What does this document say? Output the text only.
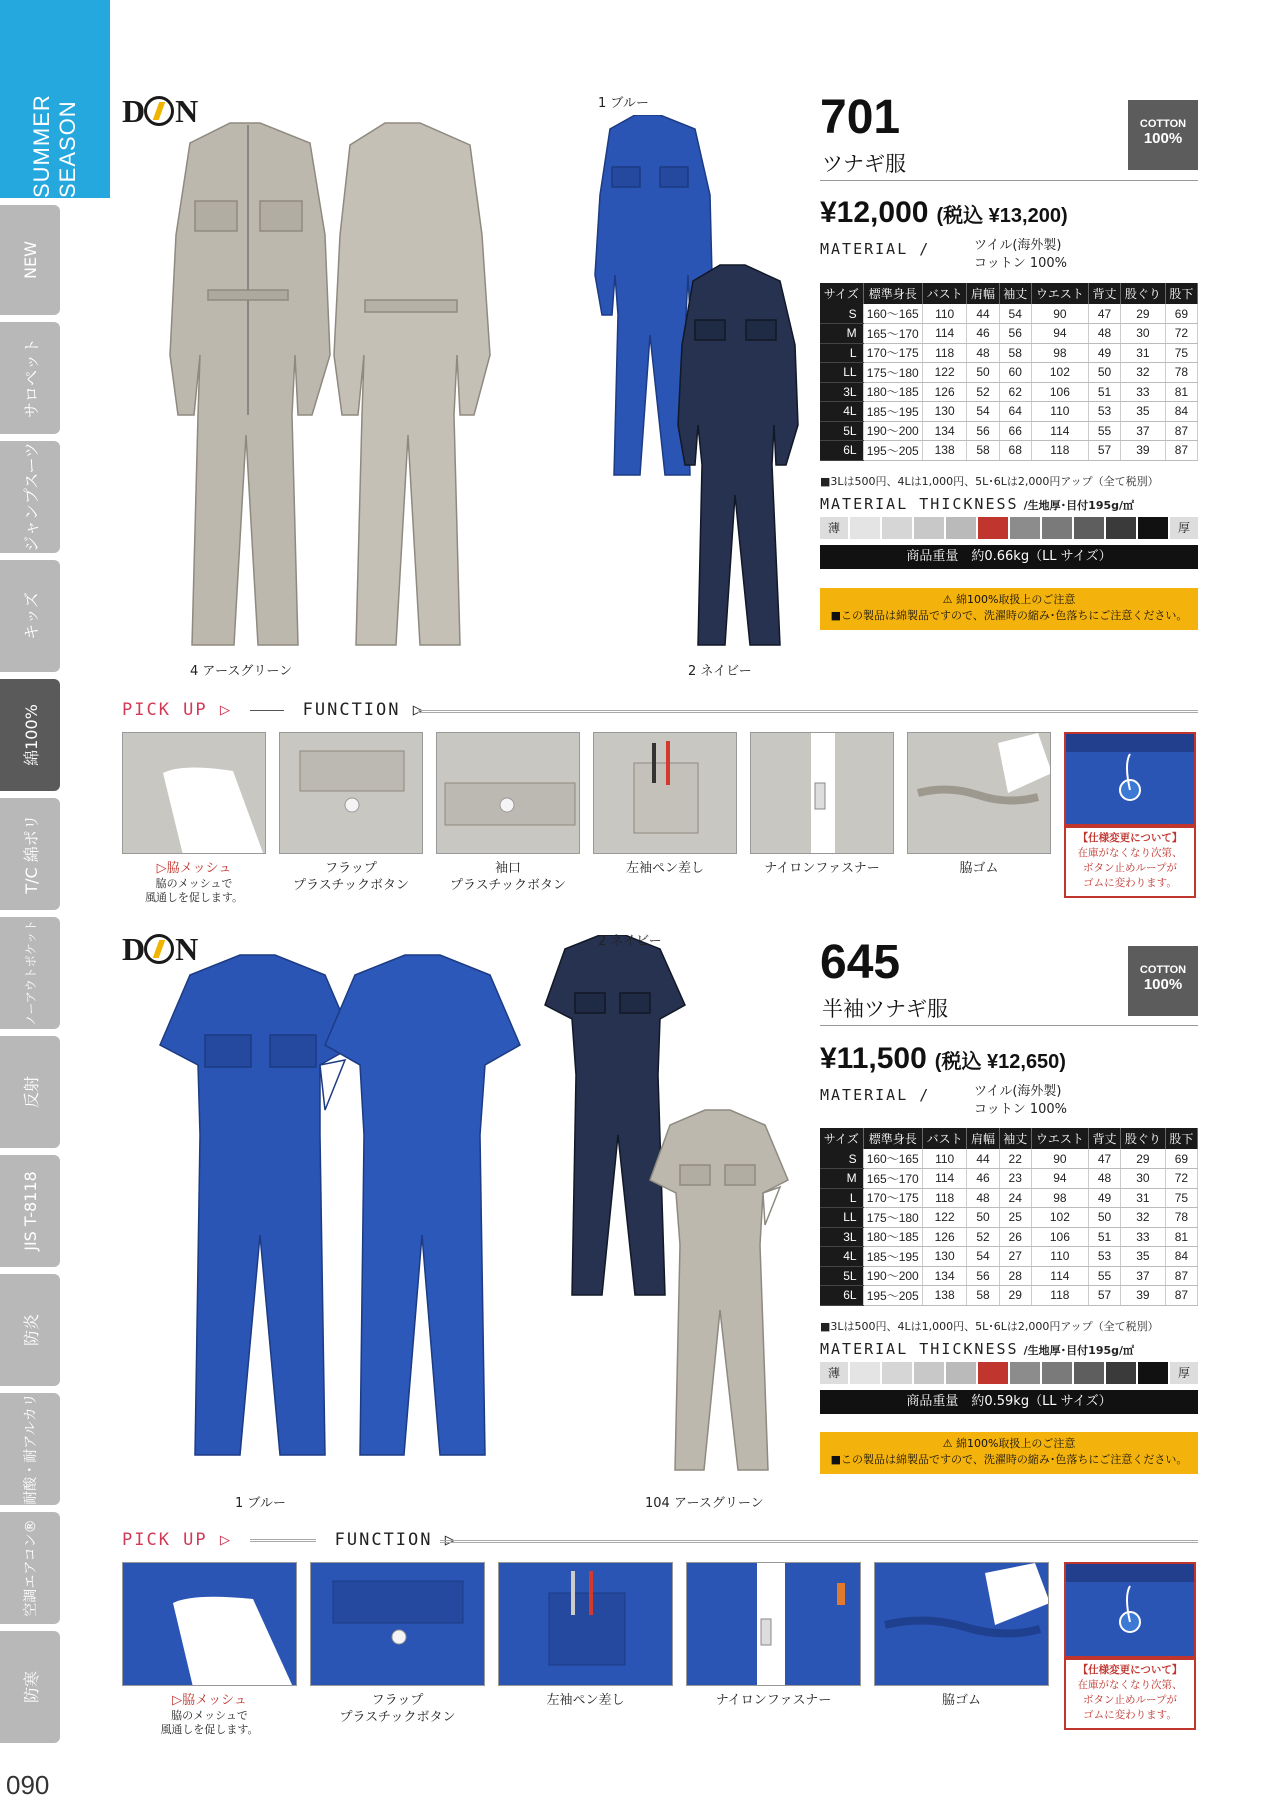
SUMMER SEASON
NEW
サロペット
ジャンプスーツ
キッズ
綿100%
T/C 綿ポリ
ノーアウトポケット
反射
JIS T-8118
防炎
耐酸・耐アルカリ
空調エアコン®
防寒
090
D N	1 ブルー
4 アースグリーン	2 ネイビー
701
ツナギ服
COTTON
100%
¥12,000 (税込 ¥13,200)
MATERIAL /	ツイル(海外製)
コットン 100%
サイズ	標準身長	バスト	肩幅	袖丈	ウエスト	背丈	股ぐり	股下
S	160〜165	110	44	54	90	47	29	69
M	165〜170	114	46	56	94	48	30	72
L	170〜175	118	48	58	98	49	31	75
LL	175〜180	122	50	60	102	50	32	78
3L	180〜185	126	52	62	106	51	33	81
4L	185〜195	130	54	64	110	53	35	84
5L	190〜200	134	56	66	114	55	37	87
6L	195〜205	138	58	68	118	57	39	87
■3Lは500円、4Lは1,000円、5L･6Lは2,000円アップ（全て税別）
MATERIAL THICKNESS /生地厚･目付195g/㎡
薄	厚
商品重量　約0.66kg（LL サイズ）
⚠ 綿100%取扱上のご注意
■この製品は綿製品ですので、洗濯時の縮み･色落ちにご注意ください。
PICK UP ▷	FUNCTION ▷
【仕様変更について】
在庫がなくなり次第、
ボタン止めループが
ゴムに変わります。
▷脇メッシュ
脇のメッシュで
風通しを促します。
フラップ
プラスチックボタン
袖口
プラスチックボタン
左袖ペン差し	ナイロンファスナー	脇ゴム
D N	2 ネイビー
1 ブルー	104 アースグリーン
645
半袖ツナギ服
COTTON
100%
¥11,500 (税込 ¥12,650)
MATERIAL /	ツイル(海外製)
コットン 100%
サイズ	標準身長	バスト	肩幅	袖丈	ウエスト	背丈	股ぐり	股下
S	160〜165	110	44	22	90	47	29	69
M	165〜170	114	46	23	94	48	30	72
L	170〜175	118	48	24	98	49	31	75
LL	175〜180	122	50	25	102	50	32	78
3L	180〜185	126	52	26	106	51	33	81
4L	185〜195	130	54	27	110	53	35	84
5L	190〜200	134	56	28	114	55	37	87
6L	195〜205	138	58	29	118	57	39	87
■3Lは500円、4Lは1,000円、5L･6Lは2,000円アップ（全て税別）
MATERIAL THICKNESS /生地厚･目付195g/㎡
薄	厚
商品重量　約0.59kg（LL サイズ）
⚠ 綿100%取扱上のご注意
■この製品は綿製品ですので、洗濯時の縮み･色落ちにご注意ください。
PICK UP ▷	FUNCTION ▷
【仕様変更について】
在庫がなくなり次第、
ボタン止めループが
ゴムに変わります。
▷脇メッシュ
脇のメッシュで
風通しを促します。
フラップ
プラスチックボタン
左袖ペン差し	ナイロンファスナー	脇ゴム
